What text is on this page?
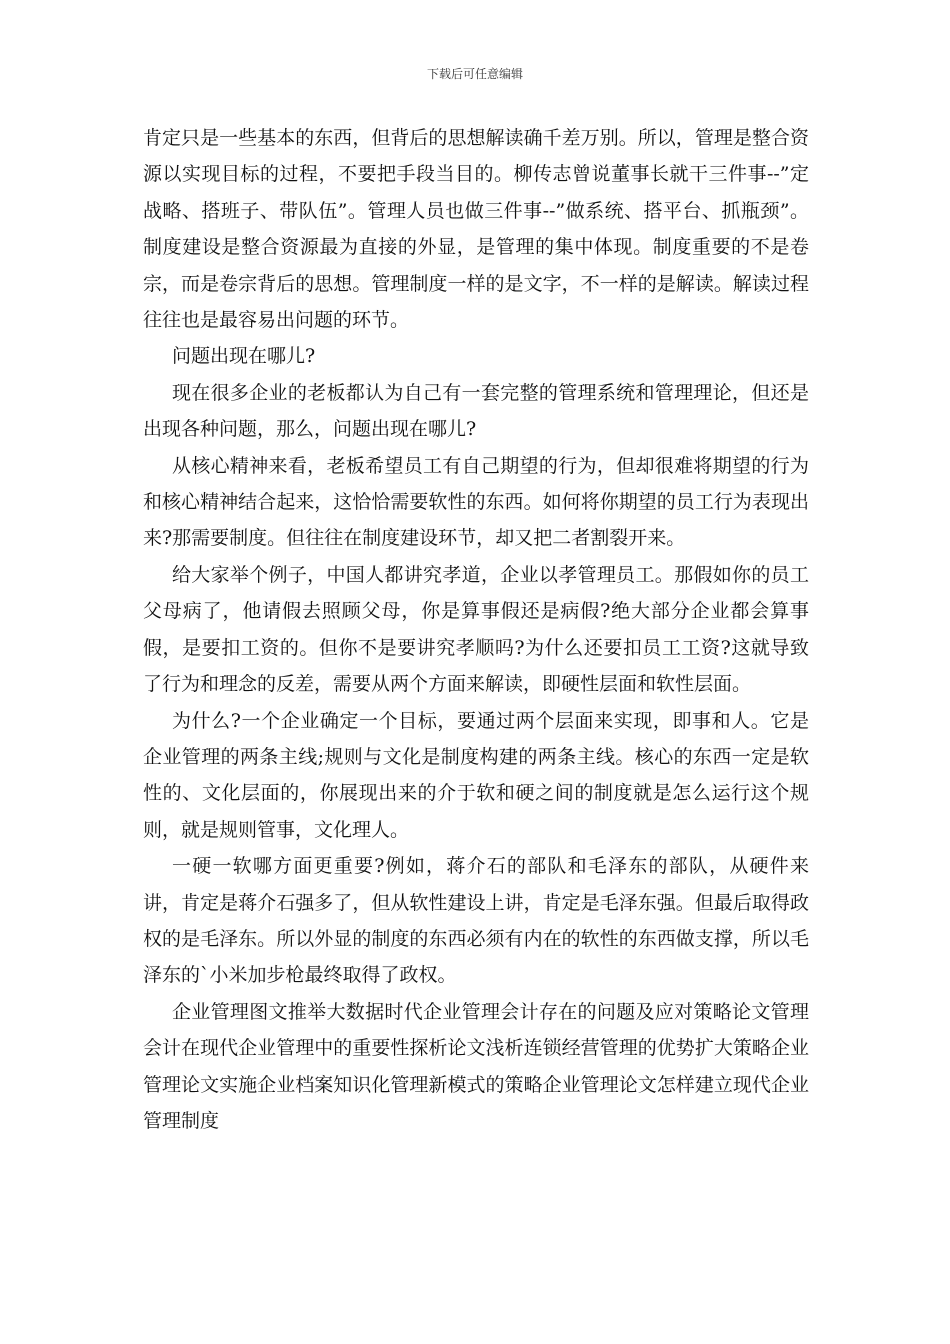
下载后可任意编辑

肯定只是一些基本的东西，但背后的思想解读确千差万别。所以，管理是整合资源以实现目标的过程，不要把手段当目的。柳传志曾说董事长就干三件事--”定战略、搭班子、带队伍”。管理人员也做三件事--”做系统、搭平台、抓瓶颈”。制度建设是整合资源最为直接的外显，是管理的集中体现。制度重要的不是卷宗，而是卷宗背后的思想。管理制度一样的是文字，不一样的是解读。解读过程往往也是最容易出问题的环节。

问题出现在哪儿?

现在很多企业的老板都认为自己有一套完整的管理系统和管理理论，但还是出现各种问题，那么，问题出现在哪儿?

从核心精神来看，老板希望员工有自己期望的行为，但却很难将期望的行为和核心精神结合起来，这恰恰需要软性的东西。如何将你期望的员工行为表现出来?那需要制度。但往往在制度建设环节，却又把二者割裂开来。

给大家举个例子，中国人都讲究孝道，企业以孝管理员工。那假如你的员工父母病了，他请假去照顾父母，你是算事假还是病假?绝大部分企业都会算事假，是要扣工资的。但你不是要讲究孝顺吗?为什么还要扣员工工资?这就导致了行为和理念的反差，需要从两个方面来解读，即硬性层面和软性层面。

为什么?一个企业确定一个目标，要通过两个层面来实现，即事和人。它是企业管理的两条主线;规则与文化是制度构建的两条主线。核心的东西一定是软性的、文化层面的，你展现出来的介于软和硬之间的制度就是怎么运行这个规则，就是规则管事，文化理人。

一硬一软哪方面更重要?例如，蒋介石的部队和毛泽东的部队，从硬件来讲，肯定是蒋介石强多了，但从软性建设上讲，肯定是毛泽东强。但最后取得政权的是毛泽东。所以外显的制度的东西必须有内在的软性的东西做支撑，所以毛泽东的`小米加步枪最终取得了政权。

企业管理图文推举大数据时代企业管理会计存在的问题及应对策略论文管理会计在现代企业管理中的重要性探析论文浅析连锁经营管理的优势扩大策略企业管理论文实施企业档案知识化管理新模式的策略企业管理论文怎样建立现代企业管理制度
